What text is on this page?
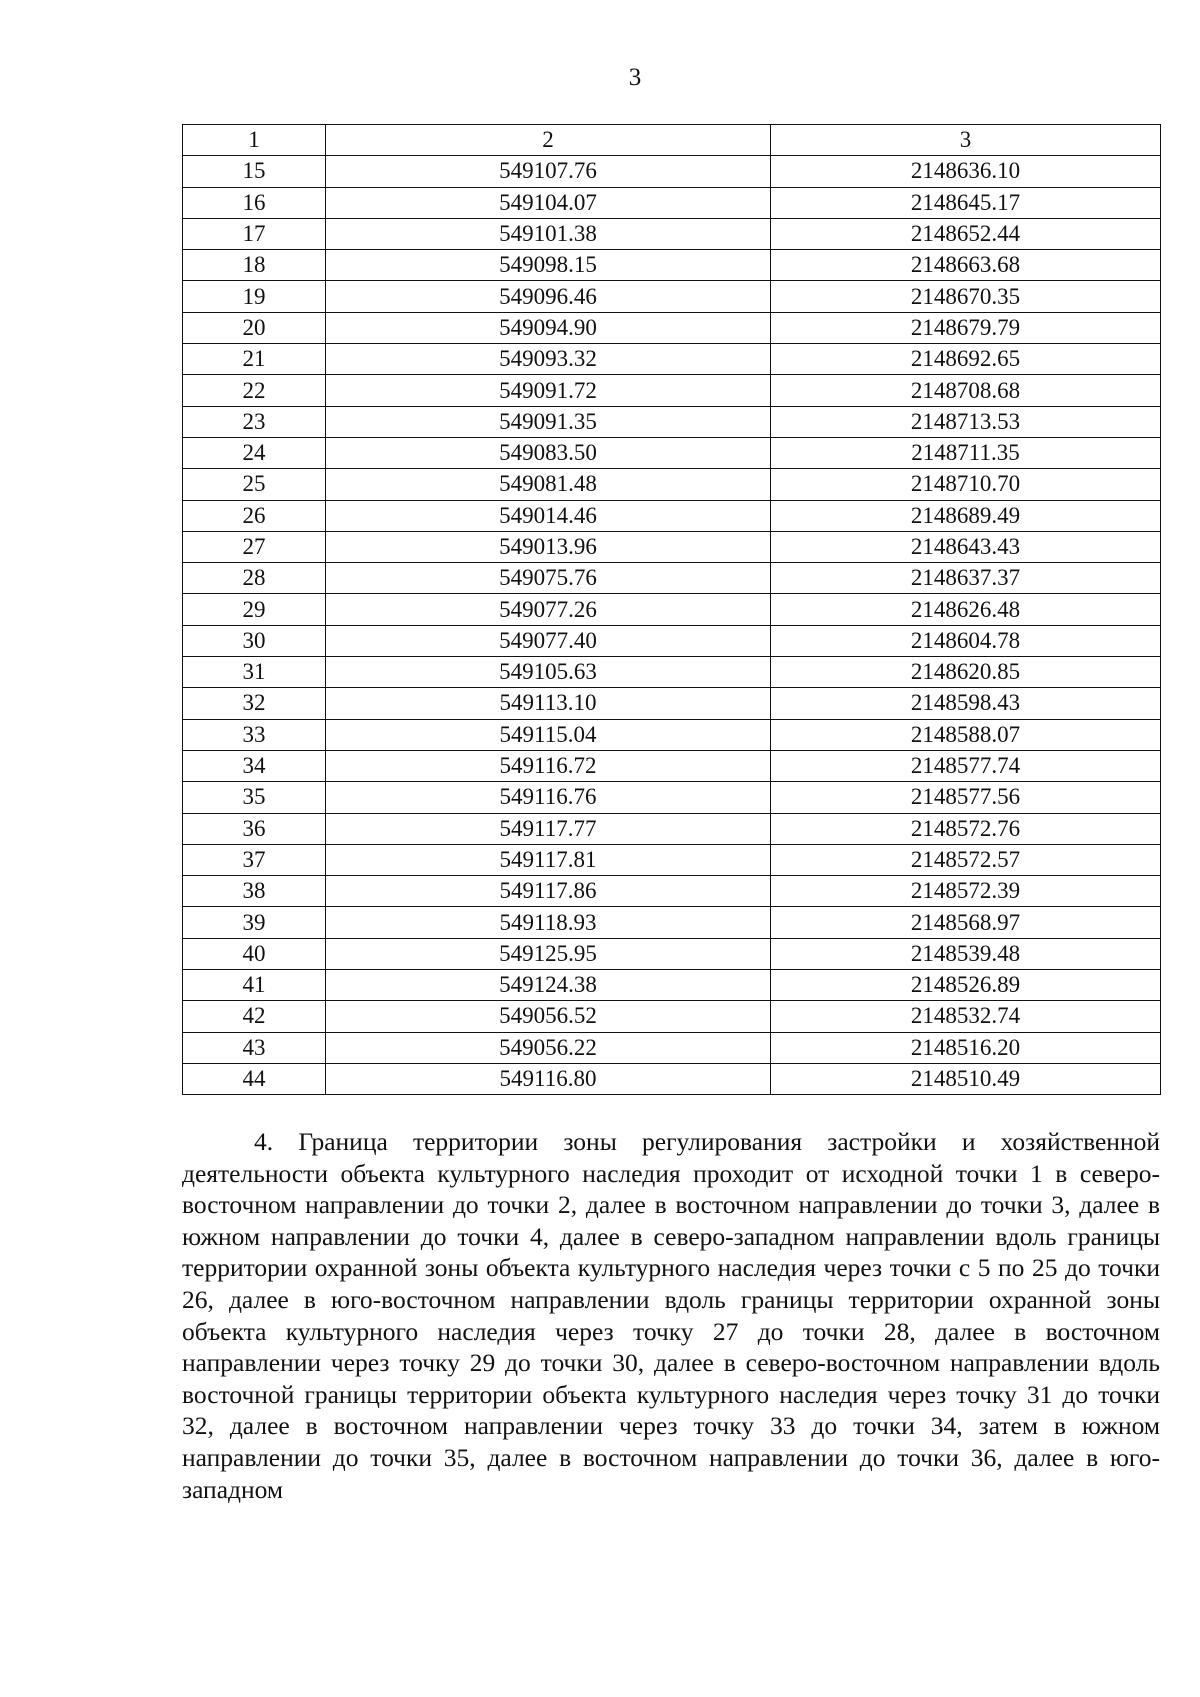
3
1	2	3
15	549107.76	2148636.10
16	549104.07	2148645.17
17	549101.38	2148652.44
18	549098.15	2148663.68
19	549096.46	2148670.35
20	549094.90	2148679.79
21	549093.32	2148692.65
22	549091.72	2148708.68
23	549091.35	2148713.53
24	549083.50	2148711.35
25	549081.48	2148710.70
26	549014.46	2148689.49
27	549013.96	2148643.43
28	549075.76	2148637.37
29	549077.26	2148626.48
30	549077.40	2148604.78
31	549105.63	2148620.85
32	549113.10	2148598.43
33	549115.04	2148588.07
34	549116.72	2148577.74
35	549116.76	2148577.56
36	549117.77	2148572.76
37	549117.81	2148572.57
38	549117.86	2148572.39
39	549118.93	2148568.97
40	549125.95	2148539.48
41	549124.38	2148526.89
42	549056.52	2148532.74
43	549056.22	2148516.20
44	549116.80	2148510.49

4. Граница территории зоны регулирования застройки и хозяйственной деятельности объекта культурного наследия проходит от исходной точки 1 в северо-восточном направлении до точки 2, далее в восточном направлении до точки 3, далее в южном направлении до точки 4, далее в северо-западном направлении вдоль границы территории охранной зоны объекта культурного наследия через точки с 5 по 25 до точки 26, далее в юго-восточном направлении вдоль границы территории охранной зоны объекта культурного наследия через точку 27 до точки 28, далее в восточном направлении через точку 29 до точки 30, далее в северо-восточном направлении вдоль восточной границы территории объекта культурного наследия через точку 31 до точки 32, далее в восточном направлении через точку 33 до точки 34, затем в южном направлении до точки 35, далее в восточном направлении до точки 36, далее в юго-западном
